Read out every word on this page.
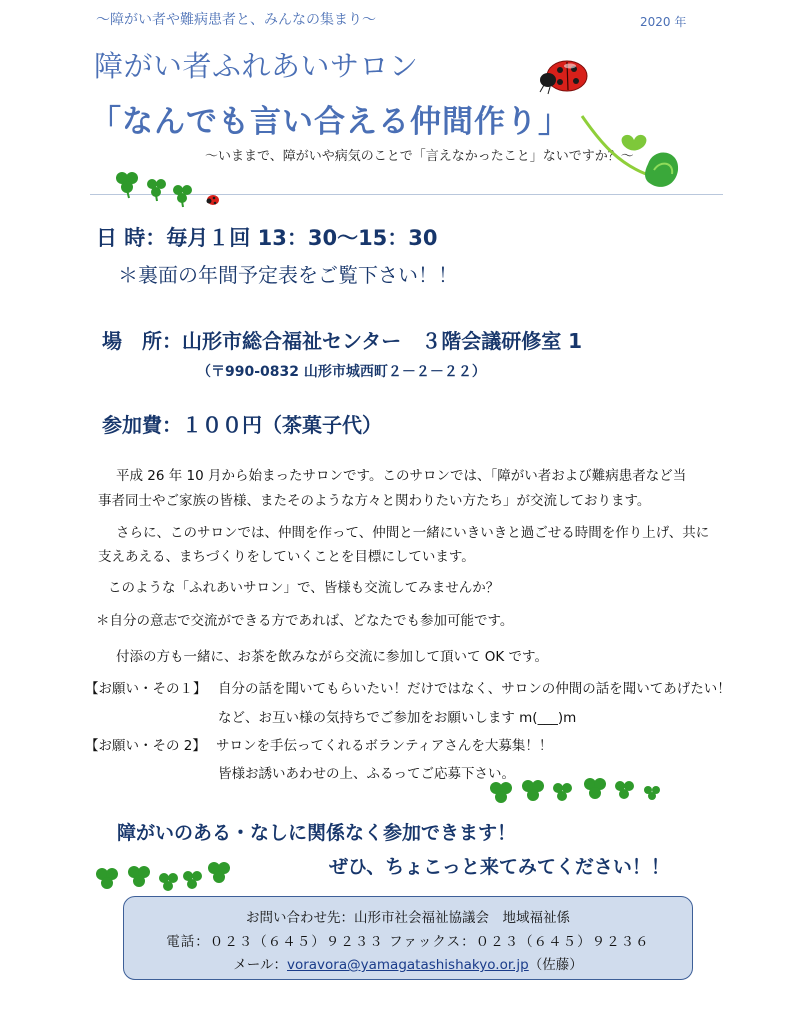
～障がい者や難病患者と、みんなの集まり～	2020 年
障がい者ふれあいサロン
「なんでも言い合える仲間作り」
～いままで、障がいや病気のことで「言えなかったこと」ないですか？～
日 時：毎月１回 13：30～15：30
＊裏面の年間予定表をご覧下さい！！
場　所：山形市総合福祉センター　３階会議研修室 1
（〒990-0832 山形市城西町２－２－２２）
参加費：１００円（茶菓子代）
平成 26 年 10 月から始まったサロンです。このサロンでは、「障がい者および難病患者など当
事者同士やご家族の皆様、またそのような方々と関わりたい方たち」が交流しております。
さらに、このサロンでは、仲間を作って、仲間と一緒にいきいきと過ごせる時間を作り上げ、共に
支えあえる、まちづくりをしていくことを目標にしています。
このような「ふれあいサロン」で、皆様も交流してみませんか？
＊自分の意志で交流ができる方であれば、どなたでも参加可能です。
付添の方も一緒に、お茶を飲みながら交流に参加して頂いて OK です。
【お願い・その１】 自分の話を聞いてもらいたい！だけではなく、サロンの仲間の話を聞いてあげたい！
など、お互い様の気持ちでご参加をお願いします m(___)m
【お願い・その 2】 サロンを手伝ってくれるボランティアさんを大募集！！
皆様お誘いあわせの上、ふるってご応募下さい。
障がいのある・なしに関係なく参加できます！
ぜひ、ちょこっと来てみてください！！
お問い合わせ先：山形市社会福祉協議会　地域福祉係
電話：０２３（６４５）９２３３ ファックス：０２３（６４５）９２３６
メール：voravora@yamagatashishakyo.or.jp（佐藤）
